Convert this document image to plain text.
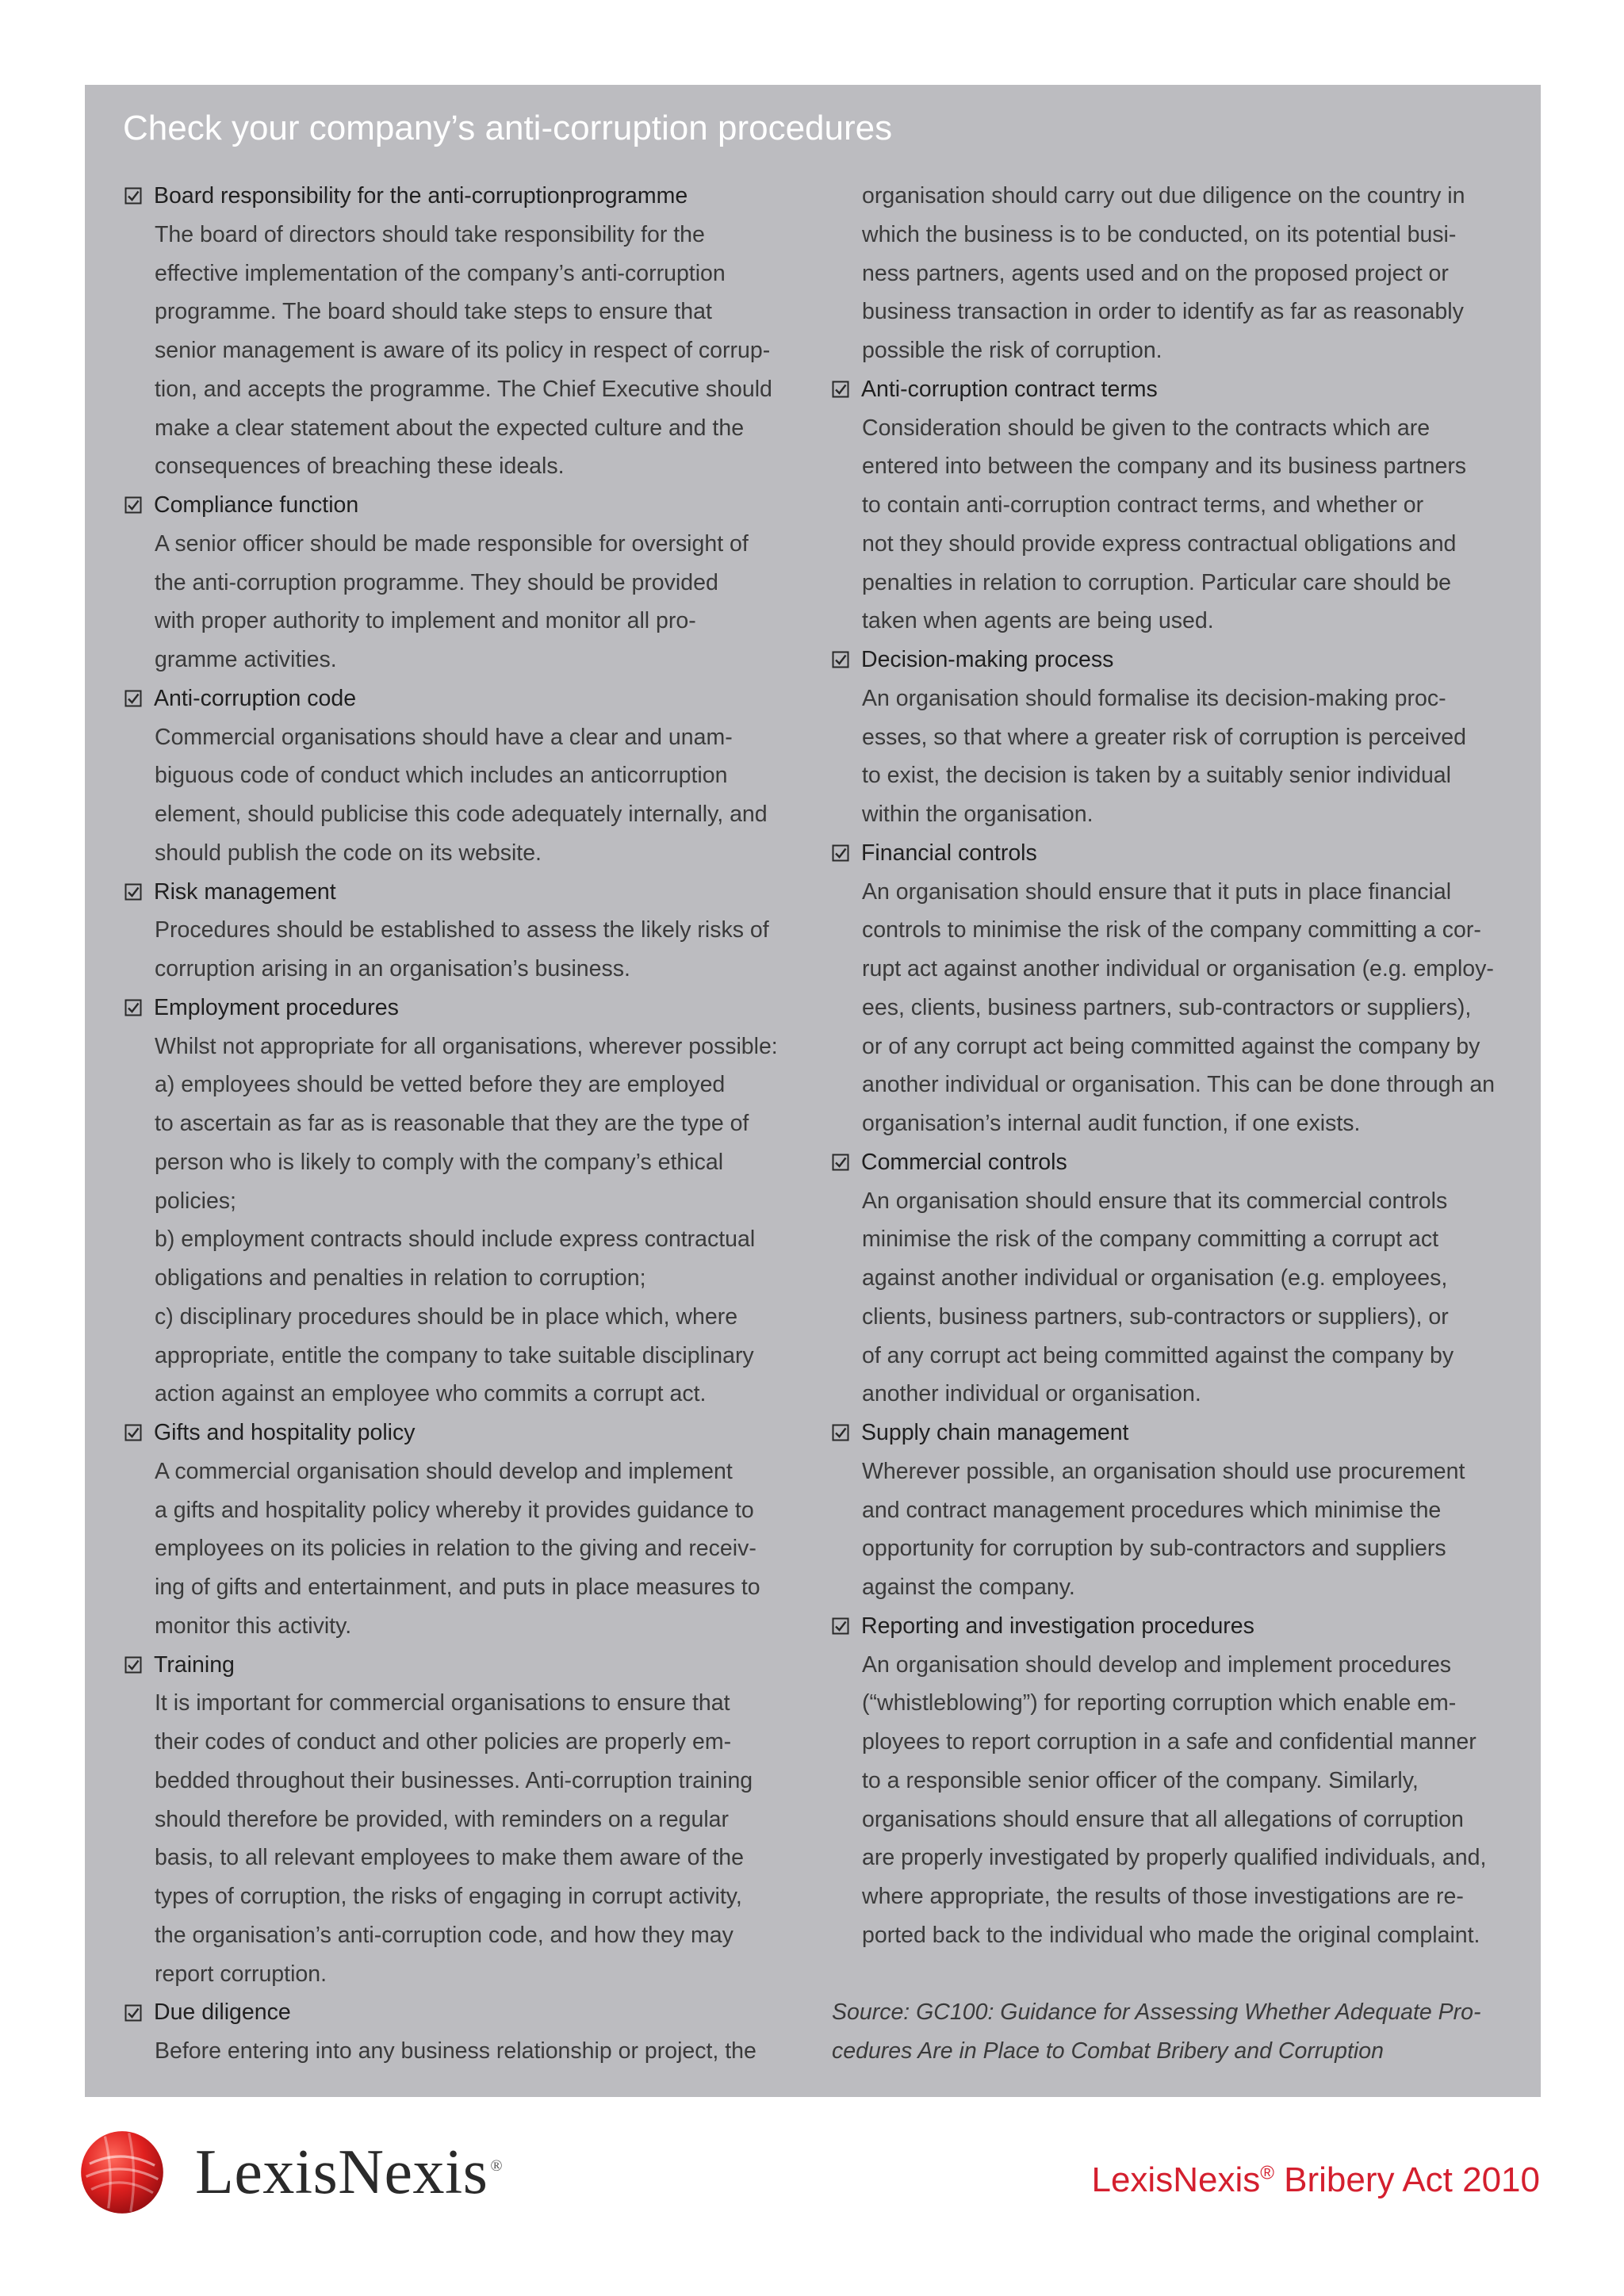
Check your company’s anti-corruption procedures
Board responsibility for the anti-corruptionprogramme
The board of directors should take responsibility for the
effective implementation of the company’s anti-corruption
programme. The board should take steps to ensure that
senior management is aware of its policy in respect of corrup-
tion, and accepts the programme. The Chief Executive should
make a clear statement about the expected culture and the
consequences of breaching these ideals.
Compliance function
A senior officer should be made responsible for oversight of
the anti-corruption programme. They should be provided
with proper authority to implement and monitor all pro-
gramme activities.
Anti-corruption code
Commercial organisations should have a clear and unam-
biguous code of conduct which includes an anticorruption
element, should publicise this code adequately internally, and
should publish the code on its website.
Risk management
Procedures should be established to assess the likely risks of
corruption arising in an organisation’s business.
Employment procedures
Whilst not appropriate for all organisations, wherever possible:
a) employees should be vetted before they are employed
to ascertain as far as is reasonable that they are the type of
person who is likely to comply with the company’s ethical
policies;
b) employment contracts should include express contractual
obligations and penalties in relation to corruption;
c) disciplinary procedures should be in place which, where
appropriate, entitle the company to take suitable disciplinary
action against an employee who commits a corrupt act.
Gifts and hospitality policy
A commercial organisation should develop and implement
a gifts and hospitality policy whereby it provides guidance to
employees on its policies in relation to the giving and receiv-
ing of gifts and entertainment, and puts in place measures to
monitor this activity.
Training
It is important for commercial organisations to ensure that
their codes of conduct and other policies are properly em-
bedded throughout their businesses. Anti-corruption training
should therefore be provided, with reminders on a regular
basis, to all relevant employees to make them aware of the
types of corruption, the risks of engaging in corrupt activity,
the organisation’s anti-corruption code, and how they may
report corruption.
Due diligence
Before entering into any business relationship or project, the
organisation should carry out due diligence on the country in
which the business is to be conducted, on its potential busi-
ness partners, agents used and on the proposed project or
business transaction in order to identify as far as reasonably
possible the risk of corruption.
Anti-corruption contract terms
Consideration should be given to the contracts which are
entered into between the company and its business partners
to contain anti-corruption contract terms, and whether or
not they should provide express contractual obligations and
penalties in relation to corruption. Particular care should be
taken when agents are being used.
Decision-making process
An organisation should formalise its decision-making proc-
esses, so that where a greater risk of corruption is perceived
to exist, the decision is taken by a suitably senior individual
within the organisation.
Financial controls
An organisation should ensure that it puts in place financial
controls to minimise the risk of the company committing a cor-
rupt act against another individual or organisation (e.g. employ-
ees, clients, business partners, sub-contractors or suppliers),
or of any corrupt act being committed against the company by
another individual or organisation. This can be done through an
organisation’s internal audit function, if one exists.
Commercial controls
An organisation should ensure that its commercial controls
minimise the risk of the company committing a corrupt act
against another individual or organisation (e.g. employees,
clients, business partners, sub-contractors or suppliers), or
of any corrupt act being committed against the company by
another individual or organisation.
Supply chain management
Wherever possible, an organisation should use procurement
and contract management procedures which minimise the
opportunity for corruption by sub-contractors and suppliers
against the company.
Reporting and investigation procedures
An organisation should develop and implement procedures
(“whistleblowing”) for reporting corruption which enable em-
ployees to report corruption in a safe and confidential manner
to a responsible senior officer of the company. Similarly,
organisations should ensure that all allegations of corruption
are properly investigated by properly qualified individuals, and,
where appropriate, the results of those investigations are re-
ported back to the individual who made the original complaint.
Source: GC100: Guidance for Assessing Whether Adequate Pro-
cedures Are in Place to Combat Bribery and Corruption
LexisNexis ®	LexisNexis® Bribery Act 2010
